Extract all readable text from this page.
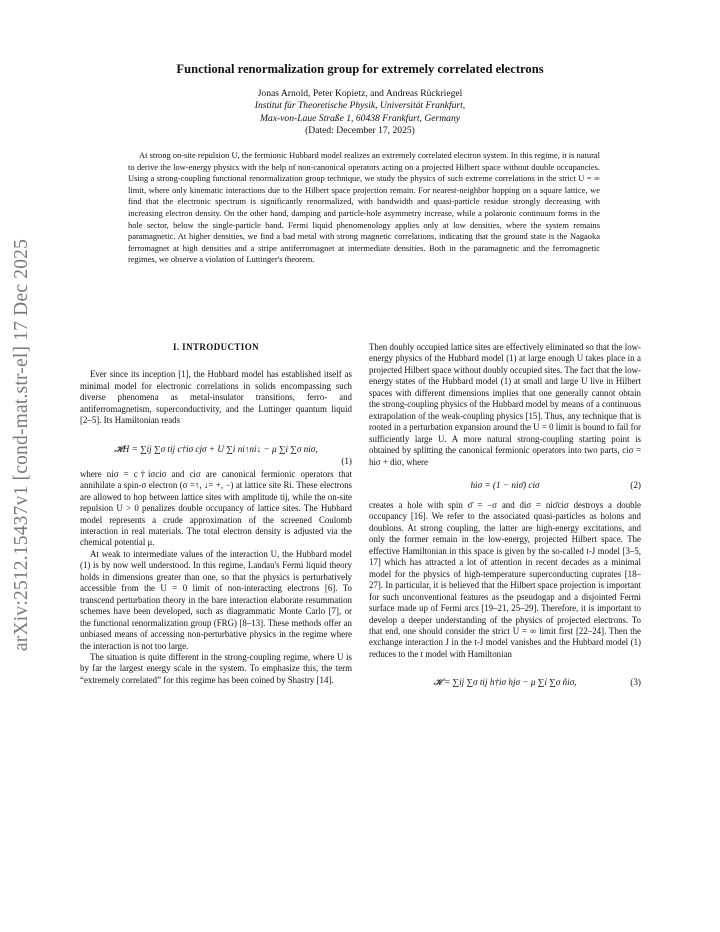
arXiv:2512.15437v1 [cond-mat.str-el] 17 Dec 2025
Functional renormalization group for extremely correlated electrons
Jonas Arnold, Peter Kopietz, and Andreas Rückriegel
Institut für Theoretische Physik, Universität Frankfurt,
Max-von-Laue Straße 1, 60438 Frankfurt, Germany
(Dated: December 17, 2025)

At strong on-site repulsion U, the fermionic Hubbard model realizes an extremely correlated electron system. In this regime, it is natural to derive the low-energy physics with the help of non-canonical operators acting on a projected Hilbert space without double occupancies. Using a strong-coupling functional renormalization group technique, we study the physics of such extreme correlations in the strict U = ∞ limit, where only kinematic interactions due to the Hilbert space projection remain. For nearest-neighbor hopping on a square lattice, we find that the electronic spectrum is significantly renormalized, with bandwidth and quasi-particle residue strongly decreasing with increasing electron density. On the other hand, damping and particle-hole asymmetry increase, while a polaronic continuum forms in the hole sector, below the single-particle band. Fermi liquid phenomenology applies only at low densities, where the system remains paramagnetic. At higher densities, we find a bad metal with strong magnetic correlations, indicating that the ground state is the Nagaoka ferromagnet at high densities and a stripe antiferromagnet at intermediate densities. Both in the paramagnetic and the ferromagnetic regimes, we observe a violation of Luttinger's theorem.

I. INTRODUCTION

Ever since its inception [1], the Hubbard model has established itself as minimal model for electronic correlations in solids encompassing such diverse phenomena as metal-insulator transitions, ferro- and antiferromagnetism, superconductivity, and the Luttinger quantum liquid [2–5]. Its Hamiltonian reads

𝓗H = ∑ij ∑σ tij c†iσ cjσ + U ∑i ni↑ni↓ − μ ∑i ∑σ niσ,
(1)

where niσ = c†iσciσ and ciσ are canonical fermionic operators that annihilate a spin-σ electron (σ =↑, ↓= +, −) at lattice site Ri. These electrons are allowed to hop between lattice sites with amplitude tij, while the on-site repulsion U > 0 penalizes double occupancy of lattice sites. The Hubbard model represents a crude approximation of the screened Coulomb interaction in real materials. The total electron density is adjusted via the chemical potential μ.

At weak to intermediate values of the interaction U, the Hubbard model (1) is by now well understood. In this regime, Landau's Fermi liquid theory holds in dimensions greater than one, so that the physics is perturbatively accessible from the U = 0 limit of non-interacting electrons [6]. To transcend perturbation theory in the bare interaction elaborate resummation schemes have been developed, such as diagrammatic Monte Carlo [7], or the functional renormalization group (FRG) [8–13]. These methods offer an unbiased means of accessing non-perturbative physics in the regime where the interaction is not too large.

The situation is quite different in the strong-coupling regime, where U is by far the largest energy scale in the system. To emphasize this, the term “extremely correlated” for this regime has been coined by Shastry [14].

Then doubly occupied lattice sites are effectively eliminated so that the low-energy physics of the Hubbard model (1) at large enough U takes place in a projected Hilbert space without doubly occupied sites. The fact that the low-energy states of the Hubbard model (1) at small and large U live in Hilbert spaces with different dimensions implies that one generally cannot obtain the strong-coupling physics of the Hubbard model by means of a continuous extrapolation of the weak-coupling physics [15]. Thus, any technique that is rooted in a perturbation expansion around the U = 0 limit is bound to fail for sufficiently large U. A more natural strong-coupling starting point is obtained by splitting the canonical fermionic operators into two parts, ciσ = hiσ + diσ, where

hiσ = (1 − niσ̄) ciσ	(2)

creates a hole with spin σ̄ = −σ and diσ = niσ̄ciσ destroys a double occupancy [16]. We refer to the associated quasi-particles as holons and doublons. At strong coupling, the latter are high-energy excitations, and only the former remain in the low-energy, projected Hilbert space. The effective Hamiltonian in this space is given by the so-called t-J model [3–5, 17] which has attracted a lot of attention in recent decades as a minimal model for the physics of high-temperature superconducting cuprates [18–27]. In particular, it is believed that the Hilbert space projection is important for such unconventional features as the pseudogap and a disjointed Fermi surface made up of Fermi arcs [19–21, 25–29]. Therefore, it is important to develop a deeper understanding of the physics of projected electrons. To that end, one should consider the strict U = ∞ limit first [22–24]. Then the exchange interaction J in the t-J model vanishes and the Hubbard model (1) reduces to the t model with Hamiltonian

𝓗 = ∑ij ∑σ tij h†iσ hjσ − μ ∑i ∑σ ñiσ,	(3)
